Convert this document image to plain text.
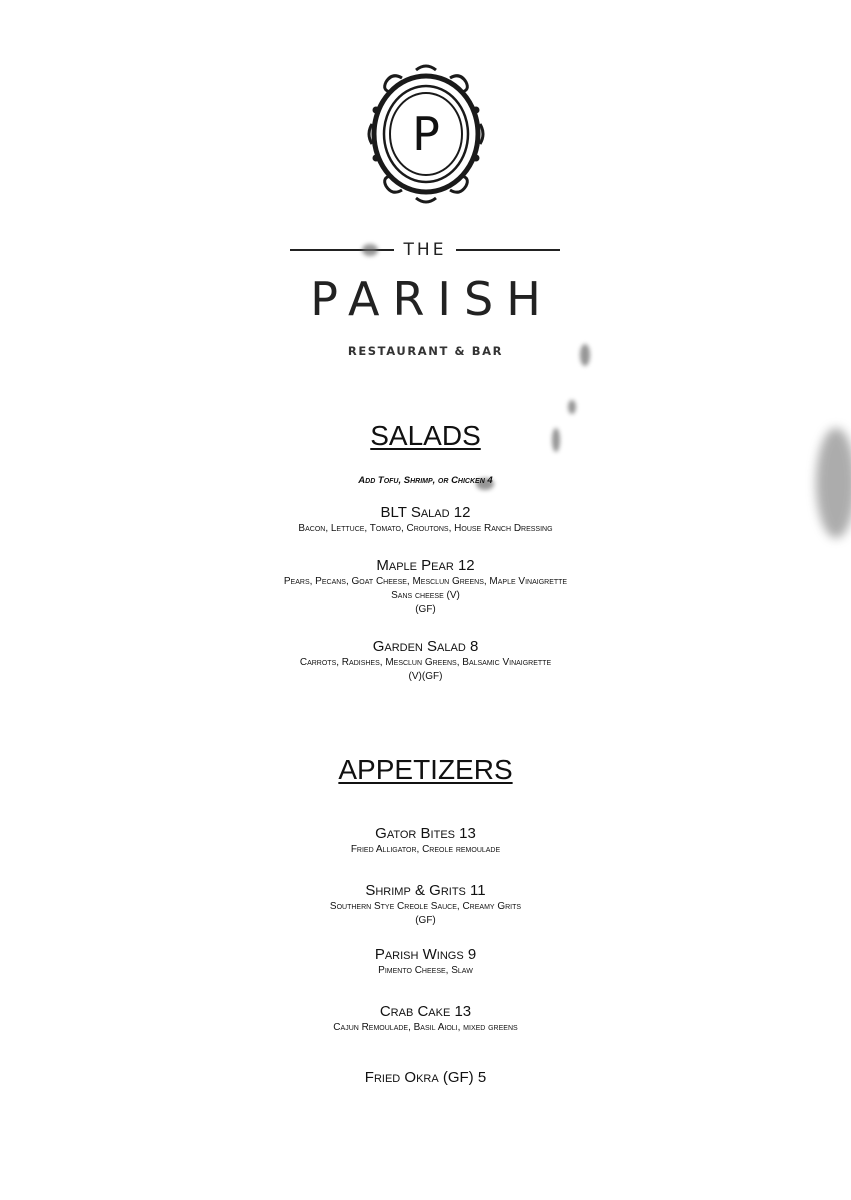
P
THE
PARISH
RESTAURANT & BAR
SALADS
Add Tofu, Shrimp, or Chicken 4
BLT Salad 12
Bacon, Lettuce, Tomato, Croutons, House Ranch Dressing
Maple Pear 12
Pears, Pecans, Goat Cheese, Mesclun Greens, Maple Vinaigrette
Sans cheese (V)
(GF)
Garden Salad 8
Carrots, Radishes, Mesclun Greens, Balsamic Vinaigrette
(V)(GF)
APPETIZERS
Gator Bites 13
Fried Alligator, Creole remoulade
Shrimp & Grits 11
Southern Stye Creole Sauce, Creamy Grits
(GF)
Parish Wings 9
Pimento Cheese, Slaw
Crab Cake 13
Cajun Remoulade, Basil Aioli, mixed greens
Fried Okra (GF) 5
